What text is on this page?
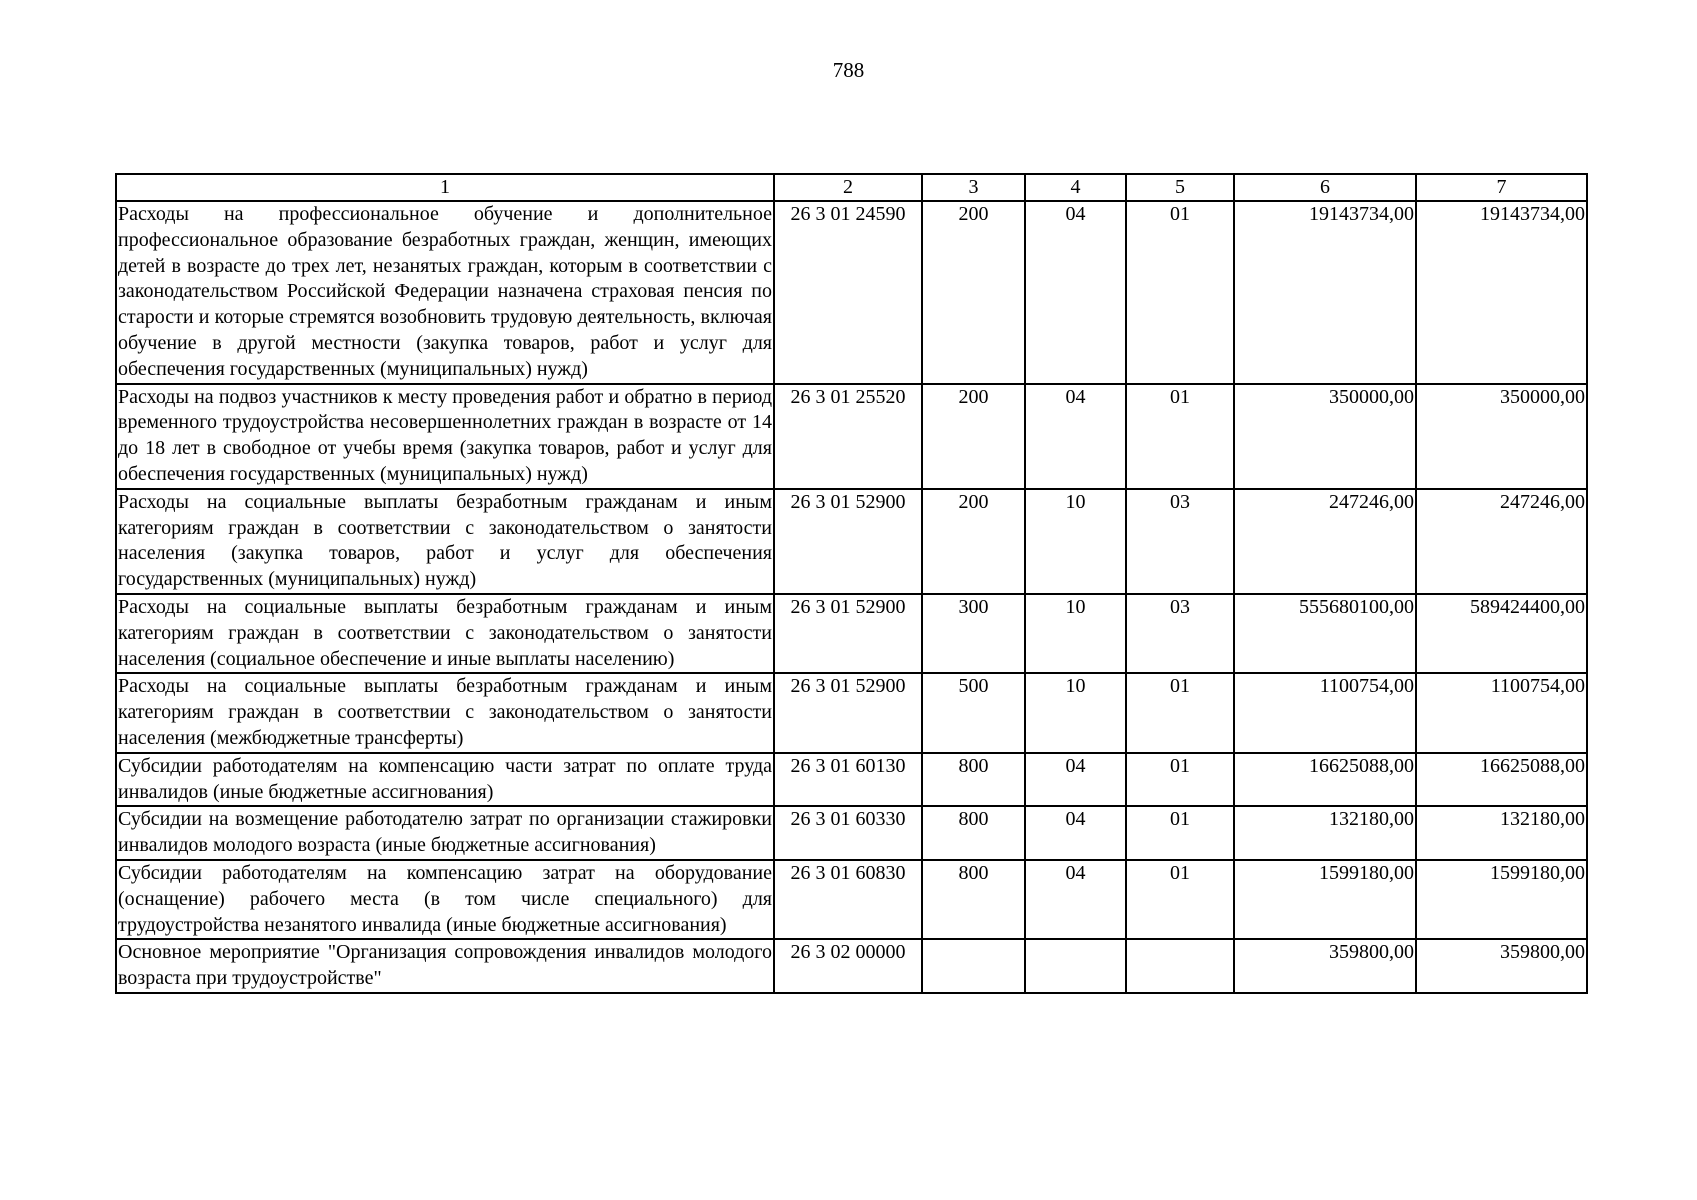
788
1	2	3	4	5	6	7
Расходы на профессиональное обучение и дополнительное профессиональное образование безработных граждан, женщин, имеющих детей в возрасте до трех лет, незанятых граждан, которым в соответствии с законодательством Российской Федерации назначена страховая пенсия по старости и которые стремятся возобновить трудовую деятельность, включая обучение в другой местности (закупка товаров, работ и услуг для обеспечения государственных (муниципальных) нужд)	26 3 01 24590	200	04	01	19143734,00	19143734,00
Расходы на подвоз участников к месту проведения работ и обратно в период временного трудоустройства несовершеннолетних граждан в возрасте от 14 до 18 лет в свободное от учебы время (закупка товаров, работ и услуг для обеспечения государственных (муниципальных) нужд)	26 3 01 25520	200	04	01	350000,00	350000,00
Расходы на социальные выплаты безработным гражданам и иным категориям граждан в соответствии с законодательством о занятости населения (закупка товаров, работ и услуг для обеспечения государственных (муниципальных) нужд)	26 3 01 52900	200	10	03	247246,00	247246,00
Расходы на социальные выплаты безработным гражданам и иным категориям граждан в соответствии с законодательством о занятости населения (социальное обеспечение и иные выплаты населению)	26 3 01 52900	300	10	03	555680100,00	589424400,00
Расходы на социальные выплаты безработным гражданам и иным категориям граждан в соответствии с законодательством о занятости населения (межбюджетные трансферты)	26 3 01 52900	500	10	01	1100754,00	1100754,00
Субсидии работодателям на компенсацию части затрат по оплате труда инвалидов (иные бюджетные ассигнования)	26 3 01 60130	800	04	01	16625088,00	16625088,00
Субсидии на возмещение работодателю затрат по организации стажировки инвалидов молодого возраста (иные бюджетные ассигнования)	26 3 01 60330	800	04	01	132180,00	132180,00
Субсидии работодателям на компенсацию затрат на оборудование (оснащение) рабочего места (в том числе специального) для трудоустройства незанятого инвалида (иные бюджетные ассигнования)	26 3 01 60830	800	04	01	1599180,00	1599180,00
Основное мероприятие "Организация сопровождения инвалидов молодого возраста при трудоустройстве"	26 3 02 00000				359800,00	359800,00
